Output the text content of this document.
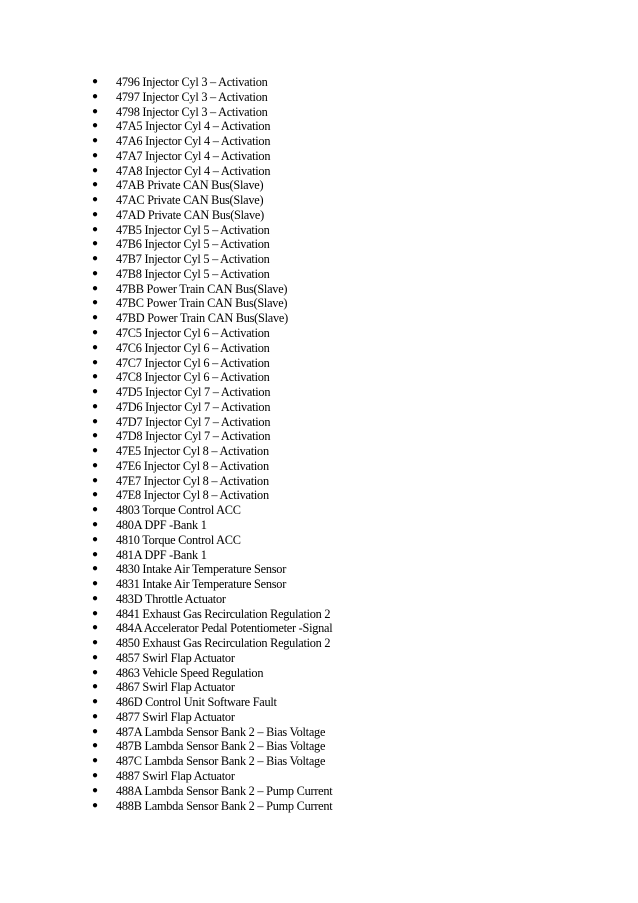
● 4796 Injector Cyl 3 – Activation
● 4797 Injector Cyl 3 – Activation
● 4798 Injector Cyl 3 – Activation
● 47A5 Injector Cyl 4 – Activation
● 47A6 Injector Cyl 4 – Activation
● 47A7 Injector Cyl 4 – Activation
● 47A8 Injector Cyl 4 – Activation
● 47AB Private CAN Bus(Slave)
● 47AC Private CAN Bus(Slave)
● 47AD Private CAN Bus(Slave)
● 47B5 Injector Cyl 5 – Activation
● 47B6 Injector Cyl 5 – Activation
● 47B7 Injector Cyl 5 – Activation
● 47B8 Injector Cyl 5 – Activation
● 47BB Power Train CAN Bus(Slave)
● 47BC Power Train CAN Bus(Slave)
● 47BD Power Train CAN Bus(Slave)
● 47C5 Injector Cyl 6 – Activation
● 47C6 Injector Cyl 6 – Activation
● 47C7 Injector Cyl 6 – Activation
● 47C8 Injector Cyl 6 – Activation
● 47D5 Injector Cyl 7 – Activation
● 47D6 Injector Cyl 7 – Activation
● 47D7 Injector Cyl 7 – Activation
● 47D8 Injector Cyl 7 – Activation
● 47E5 Injector Cyl 8 – Activation
● 47E6 Injector Cyl 8 – Activation
● 47E7 Injector Cyl 8 – Activation
● 47E8 Injector Cyl 8 – Activation
● 4803 Torque Control ACC
● 480A DPF -Bank 1
● 4810 Torque Control ACC
● 481A DPF -Bank 1
● 4830 Intake Air Temperature Sensor
● 4831 Intake Air Temperature Sensor
● 483D Throttle Actuator
● 4841 Exhaust Gas Recirculation Regulation 2
● 484A Accelerator Pedal Potentiometer -Signal
● 4850 Exhaust Gas Recirculation Regulation 2
● 4857 Swirl Flap Actuator
● 4863 Vehicle Speed Regulation
● 4867 Swirl Flap Actuator
● 486D Control Unit Software Fault
● 4877 Swirl Flap Actuator
● 487A Lambda Sensor Bank 2 – Bias Voltage
● 487B Lambda Sensor Bank 2 – Bias Voltage
● 487C Lambda Sensor Bank 2 – Bias Voltage
● 4887 Swirl Flap Actuator
● 488A Lambda Sensor Bank 2 – Pump Current
● 488B Lambda Sensor Bank 2 – Pump Current
